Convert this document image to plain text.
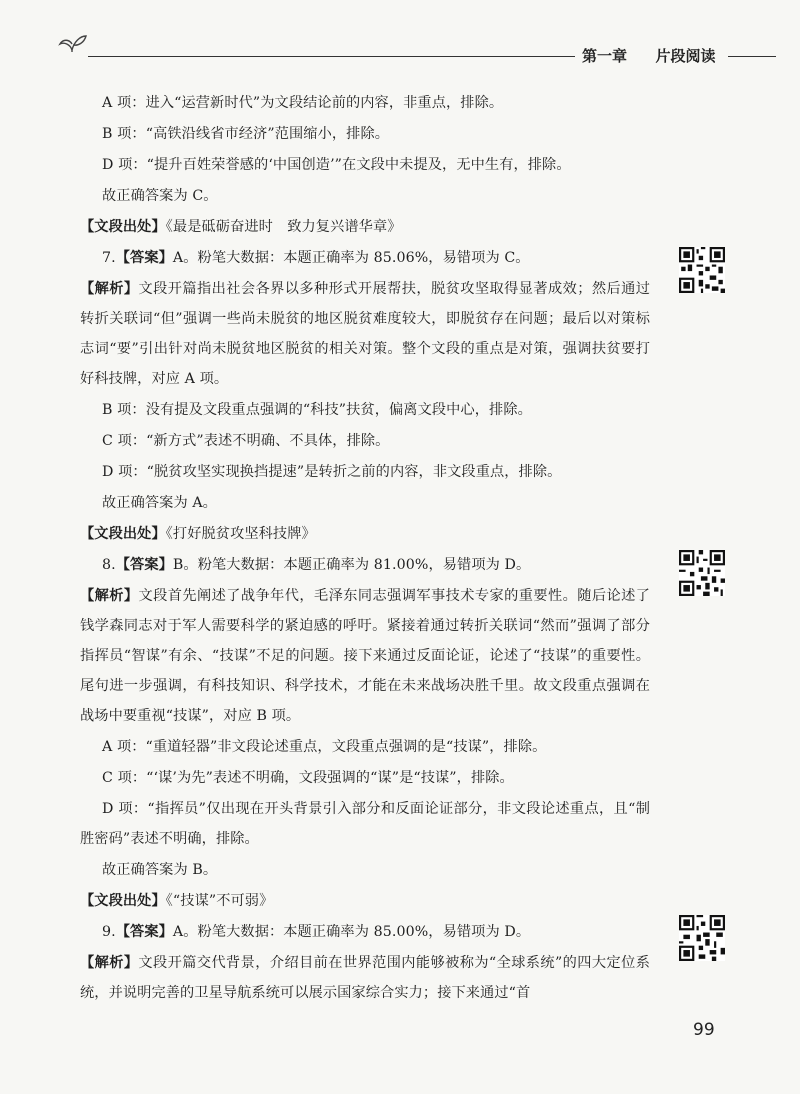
第一章 片段阅读

A 项：进入“运营新时代”为文段结论前的内容，非重点，排除。

B 项：“高铁沿线省市经济”范围缩小，排除。

D 项：“提升百姓荣誉感的‘中国创造’”在文段中未提及，无中生有，排除。

故正确答案为 C。

【文段出处】《最是砥砺奋进时　致力复兴谱华章》

7.【答案】A。粉笔大数据：本题正确率为 85.06%，易错项为 C。

【解析】文段开篇指出社会各界以多种形式开展帮扶，脱贫攻坚取得显著成效；然后通过转折关联词“但”强调一些尚未脱贫的地区脱贫难度较大，即脱贫存在问题；最后以对策标志词“要”引出针对尚未脱贫地区脱贫的相关对策。整个文段的重点是对策，强调扶贫要打好科技牌，对应 A 项。

B 项：没有提及文段重点强调的“科技”扶贫，偏离文段中心，排除。

C 项：“新方式”表述不明确、不具体，排除。

D 项：“脱贫攻坚实现换挡提速”是转折之前的内容，非文段重点，排除。

故正确答案为 A。

【文段出处】《打好脱贫攻坚科技牌》

8.【答案】B。粉笔大数据：本题正确率为 81.00%，易错项为 D。

【解析】文段首先阐述了战争年代，毛泽东同志强调军事技术专家的重要性。随后论述了钱学森同志对于军人需要科学的紧迫感的呼吁。紧接着通过转折关联词“然而”强调了部分指挥员“智谋”有余、“技谋”不足的问题。接下来通过反面论证，论述了“技谋”的重要性。尾句进一步强调，有科技知识、科学技术，才能在未来战场决胜千里。故文段重点强调在战场中要重视“技谋”，对应 B 项。

A 项：“重道轻器”非文段论述重点，文段重点强调的是“技谋”，排除。

C 项：“‘谋’为先”表述不明确，文段强调的“谋”是“技谋”，排除。

D 项：“指挥员”仅出现在开头背景引入部分和反面论证部分，非文段论述重点，且“制胜密码”表述不明确，排除。

故正确答案为 B。

【文段出处】《“技谋”不可弱》

9.【答案】A。粉笔大数据：本题正确率为 85.00%，易错项为 D。

【解析】文段开篇交代背景，介绍目前在世界范围内能够被称为“全球系统”的四大定位系统，并说明完善的卫星导航系统可以展示国家综合实力；接下来通过“首

99
